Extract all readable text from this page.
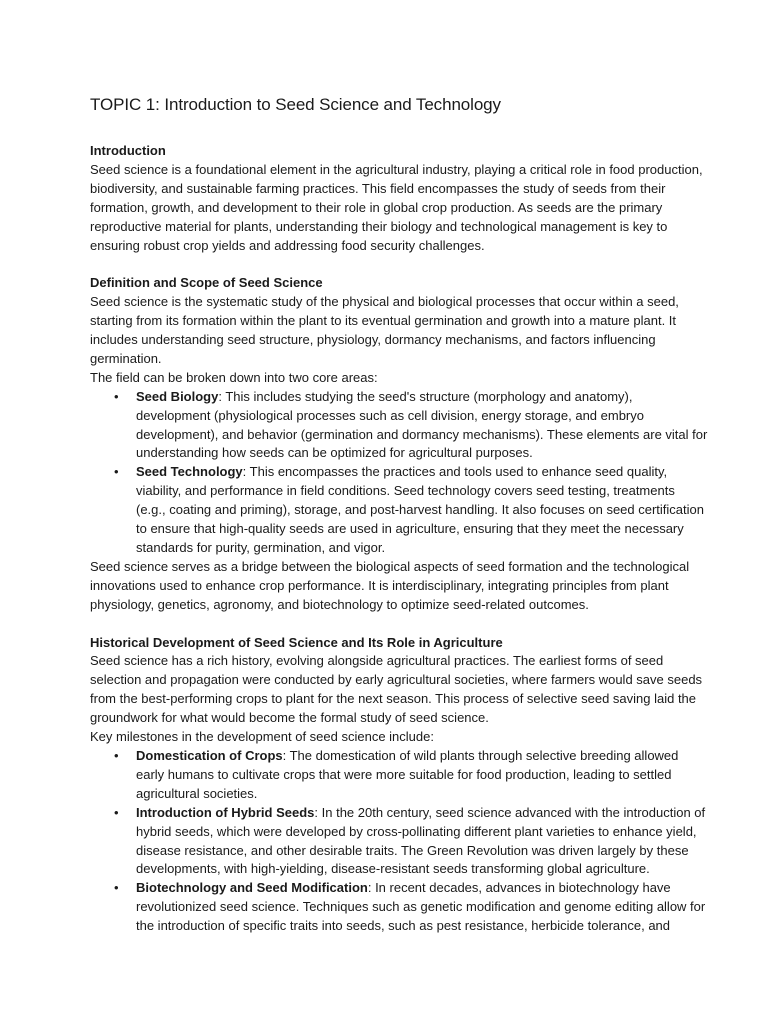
TOPIC 1: Introduction to Seed Science and Technology

Introduction

Seed science is a foundational element in the agricultural industry, playing a critical role in food production, biodiversity, and sustainable farming practices. This field encompasses the study of seeds from their formation, growth, and development to their role in global crop production. As seeds are the primary reproductive material for plants, understanding their biology and technological management is key to ensuring robust crop yields and addressing food security challenges.

Definition and Scope of Seed Science

Seed science is the systematic study of the physical and biological processes that occur within a seed, starting from its formation within the plant to its eventual germination and growth into a mature plant. It includes understanding seed structure, physiology, dormancy mechanisms, and factors influencing germination.

The field can be broken down into two core areas:

• Seed Biology: This includes studying the seed's structure (morphology and anatomy), development (physiological processes such as cell division, energy storage, and embryo development), and behavior (germination and dormancy mechanisms). These elements are vital for understanding how seeds can be optimized for agricultural purposes.
• Seed Technology: This encompasses the practices and tools used to enhance seed quality, viability, and performance in field conditions. Seed technology covers seed testing, treatments (e.g., coating and priming), storage, and post-harvest handling. It also focuses on seed certification to ensure that high-quality seeds are used in agriculture, ensuring that they meet the necessary standards for purity, germination, and vigor.

Seed science serves as a bridge between the biological aspects of seed formation and the technological innovations used to enhance crop performance. It is interdisciplinary, integrating principles from plant physiology, genetics, agronomy, and biotechnology to optimize seed-related outcomes.

Historical Development of Seed Science and Its Role in Agriculture

Seed science has a rich history, evolving alongside agricultural practices. The earliest forms of seed selection and propagation were conducted by early agricultural societies, where farmers would save seeds from the best-performing crops to plant for the next season. This process of selective seed saving laid the groundwork for what would become the formal study of seed science.

Key milestones in the development of seed science include:

• Domestication of Crops: The domestication of wild plants through selective breeding allowed early humans to cultivate crops that were more suitable for food production, leading to settled agricultural societies.
• Introduction of Hybrid Seeds: In the 20th century, seed science advanced with the introduction of hybrid seeds, which were developed by cross-pollinating different plant varieties to enhance yield, disease resistance, and other desirable traits. The Green Revolution was driven largely by these developments, with high-yielding, disease-resistant seeds transforming global agriculture.
• Biotechnology and Seed Modification: In recent decades, advances in biotechnology have revolutionized seed science. Techniques such as genetic modification and genome editing allow for the introduction of specific traits into seeds, such as pest resistance, herbicide tolerance, and
